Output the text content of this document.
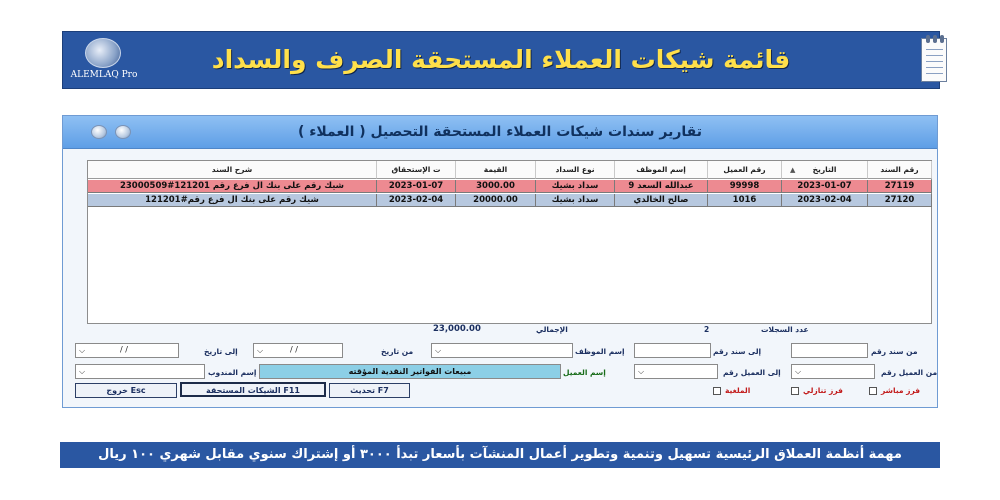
ALEMLAQ Pro
قائمة شيكات العملاء المستحقة الصرف والسداد
تقارير سندات شيكات العملاء المستحقة التحصيل ( العملاء )
رقم السند
التاريخ
▲
رقم العميل
إسم الموظف
نوع السداد
القيمة
ت الإستحقاق
شرح السند
27119
2023-01-07
99998
عبدالله السعد 9
سداد بشيك
3000.00
2023-01-07
شيك رقم على بنك ال فرع رقم 121201#23000509
27120
2023-02-04
1016
صالح الخالدي
سداد بشيك
20000.00
2023-02-04
شيك رقم على بنك ال فرع رقم#121201
عدد السجلات
2
الإجمالي
23,000.00
من سند رقم
إلى سند رقم
إسم الموظف
⌵
من تاريخ
⌵	/ /
إلى تاريخ
⌵	/ /
من العميل رقم
⌵
إلى العميل رقم
⌵
إسم العميل
مبيعات الفواتير النقدية المؤقته
إسم المندوب
⌵
فرز مباشر
فرز تنازلي
الملغية
تحديث F7
الشيكات المستحقة F11
خروج Esc
مهمة أنظمة العملاق الرئيسية تسهيل وتنمية وتطوير أعمال المنشآت بأسعار تبدأ ٣٠٠٠ أو إشتراك سنوي مقابل شهري ١٠٠ ريال
